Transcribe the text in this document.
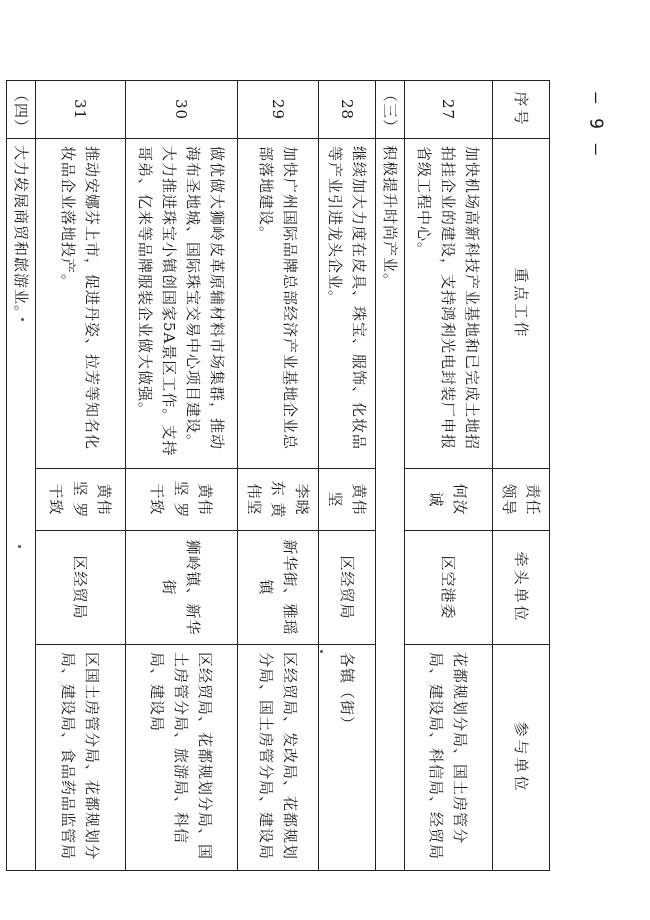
— 9 —
序号	重点工作	责任领导	牵头单位	参与单位
27	加快机场高新科技产业基地和已完成土地招拍挂企业的建设，支持鸿利光电封装厂申报省级工程中心。	何汝诚	区空港委	花都规划分局、国土房管分局、建设局、科信局、经贸局
（三）	积极提升时尚产业。			
28	继续加大力度在皮具、珠宝、服饰、化妆品等产业引进龙头企业。	黄伟坚	区经贸局	各镇（街）
29	加快广州国际品牌总部经济产业基地企业总部落地建设。	李晓东 黄伟坚	新华街、雅瑶镇	区经贸局、发改局、花都规划分局、国土房管分局、建设局
30	做优做大狮岭皮革原辅材料市场集群，推动海布圣地城、国际珠宝交易中心项目建设。大力推进珠宝小镇创国家5A景区工作。支持哥弟、亿来等品牌服装企业做大做强。	黄伟坚 罗干致	狮岭镇、新华街	区经贸局、花都规划分局、国土房管分局、旅游局、科信局、建设局
31	推动安娜芬上市，促进丹姿、拉芳等知名化妆品企业落地投产。	黄伟坚 罗干致	区经贸局	区国土房管分局、花都规划分局、建设局、食品药品监管局
（四）	大力发展商贸和旅游业。			
